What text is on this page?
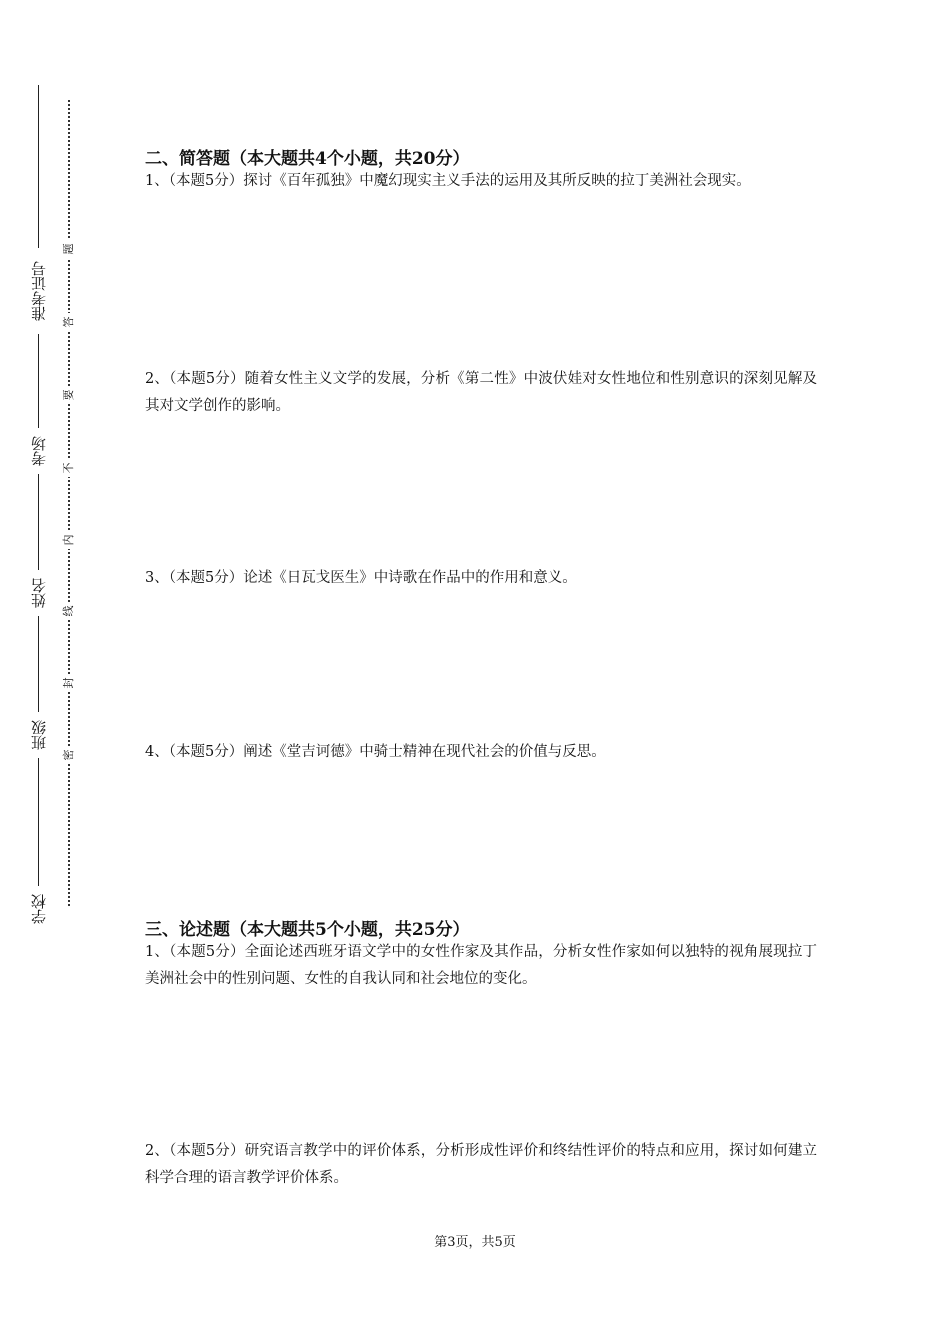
准考证号
考场
姓名
班级
学校
题
答
要
不
内
线
封
密
二、简答题（本大题共4个小题，共20分）
1、（本题5分）探讨《百年孤独》中魔幻现实主义手法的运用及其所反映的拉丁美洲社会现实。
2、（本题5分）随着女性主义文学的发展，分析《第二性》中波伏娃对女性地位和性别意识的深刻见解及其对文学创作的影响。
3、（本题5分）论述《日瓦戈医生》中诗歌在作品中的作用和意义。
4、（本题5分）阐述《堂吉诃德》中骑士精神在现代社会的价值与反思。
三、论述题（本大题共5个小题，共25分）
1、（本题5分）全面论述西班牙语文学中的女性作家及其作品，分析女性作家如何以独特的视角展现拉丁美洲社会中的性别问题、女性的自我认同和社会地位的变化。
2、（本题5分）研究语言教学中的评价体系，分析形成性评价和终结性评价的特点和应用，探讨如何建立科学合理的语言教学评价体系。
第3页，共5页
